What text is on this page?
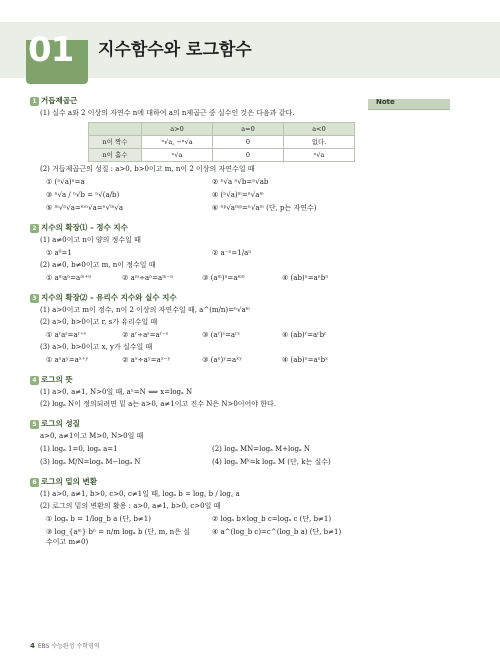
01 지수함수와 로그함수
Note
1 거듭제곱근
(1) 실수 a와 2 이상의 자연수 n에 대하여 a의 n제곱근 중 실수인 것은 다음과 같다.
	a>0	a=0	a<0
n이 짝수	ⁿ√a, −ⁿ√a	0	없다.
n이 홀수	ⁿ√a	0	ⁿ√a
(2) 거듭제곱근의 성질 : a>0, b>0이고 m, n이 2 이상의 자연수일 때
① (ⁿ√a)ⁿ=a	② ⁿ√a ⁿ√b=ⁿ√ab
③ ⁿ√a / ⁿ√b = ⁿ√(a/b)	④ (ⁿ√a)ᵐ=ⁿ√aᵐ
⑤ ᵐ√ⁿ√a=ᵐⁿ√a=ⁿ√ᵐ√a	⑥ ⁿᵖ√aᵐᵖ=ⁿ√aᵐ (단, p는 자연수)
2 지수의 확장⑴ – 정수 지수
(1) a≠0이고 n이 양의 정수일 때
① a⁰=1	② a⁻ⁿ=1/aⁿ
(2) a≠0, b≠0이고 m, n이 정수일 때
① aᵐaⁿ=aᵐ⁺ⁿ	② aᵐ÷aⁿ=aᵐ⁻ⁿ	③ (aᵐ)ⁿ=aᵐⁿ	④ (ab)ⁿ=aⁿbⁿ
3 지수의 확장⑵ – 유리수 지수와 실수 지수
(1) a>0이고 m이 정수, n이 2 이상의 자연수일 때, a^(m/n)=ⁿ√aᵐ
(2) a>0, b>0이고 r, s가 유리수일 때
① aʳaˢ=aʳ⁺ˢ	② aʳ÷aˢ=aʳ⁻ˢ	③ (aʳ)ˢ=aʳˢ	④ (ab)ʳ=aʳbʳ
(3) a>0, b>0이고 x, y가 실수일 때
① aˣaʸ=aˣ⁺ʸ	② aˣ÷aʸ=aˣ⁻ʸ	③ (aˣ)ʸ=aˣʸ	④ (ab)ˣ=aˣbˣ
4 로그의 뜻
(1) a>0, a≠1, N>0일 때, aˣ=N ⟺ x=logₐ N
(2) logₐ N이 정의되려면 밑 a는 a>0, a≠1이고 진수 N은 N>0이어야 한다.
5 로그의 성질
a>0, a≠1이고 M>0, N>0일 때
(1) logₐ 1=0, logₐ a=1	(2) logₐ MN=logₐ M+logₐ N
(3) logₐ M/N=logₐ M−logₐ N	(4) logₐ Mᵏ=k logₐ M (단, k는 실수)
6 로그의 밑의 변환
(1) a>0, a≠1, b>0, c>0, c≠1일 때, logₐ b = log꜀ b / log꜀ a
(2) 로그의 밑의 변환의 활용 : a>0, a≠1, b>0, c>0일 때
① logₐ b = 1/log_b a (단, b≠1)	② logₐ b×log_b c=logₐ c (단, b≠1)
③ log_{aᵐ} bⁿ = n/m logₐ b (단, m, n은 실수이고 m≠0)
④ a^(log_b c)=c^(log_b a) (단, b≠1)
4 EBS 수능완성 수학영역
